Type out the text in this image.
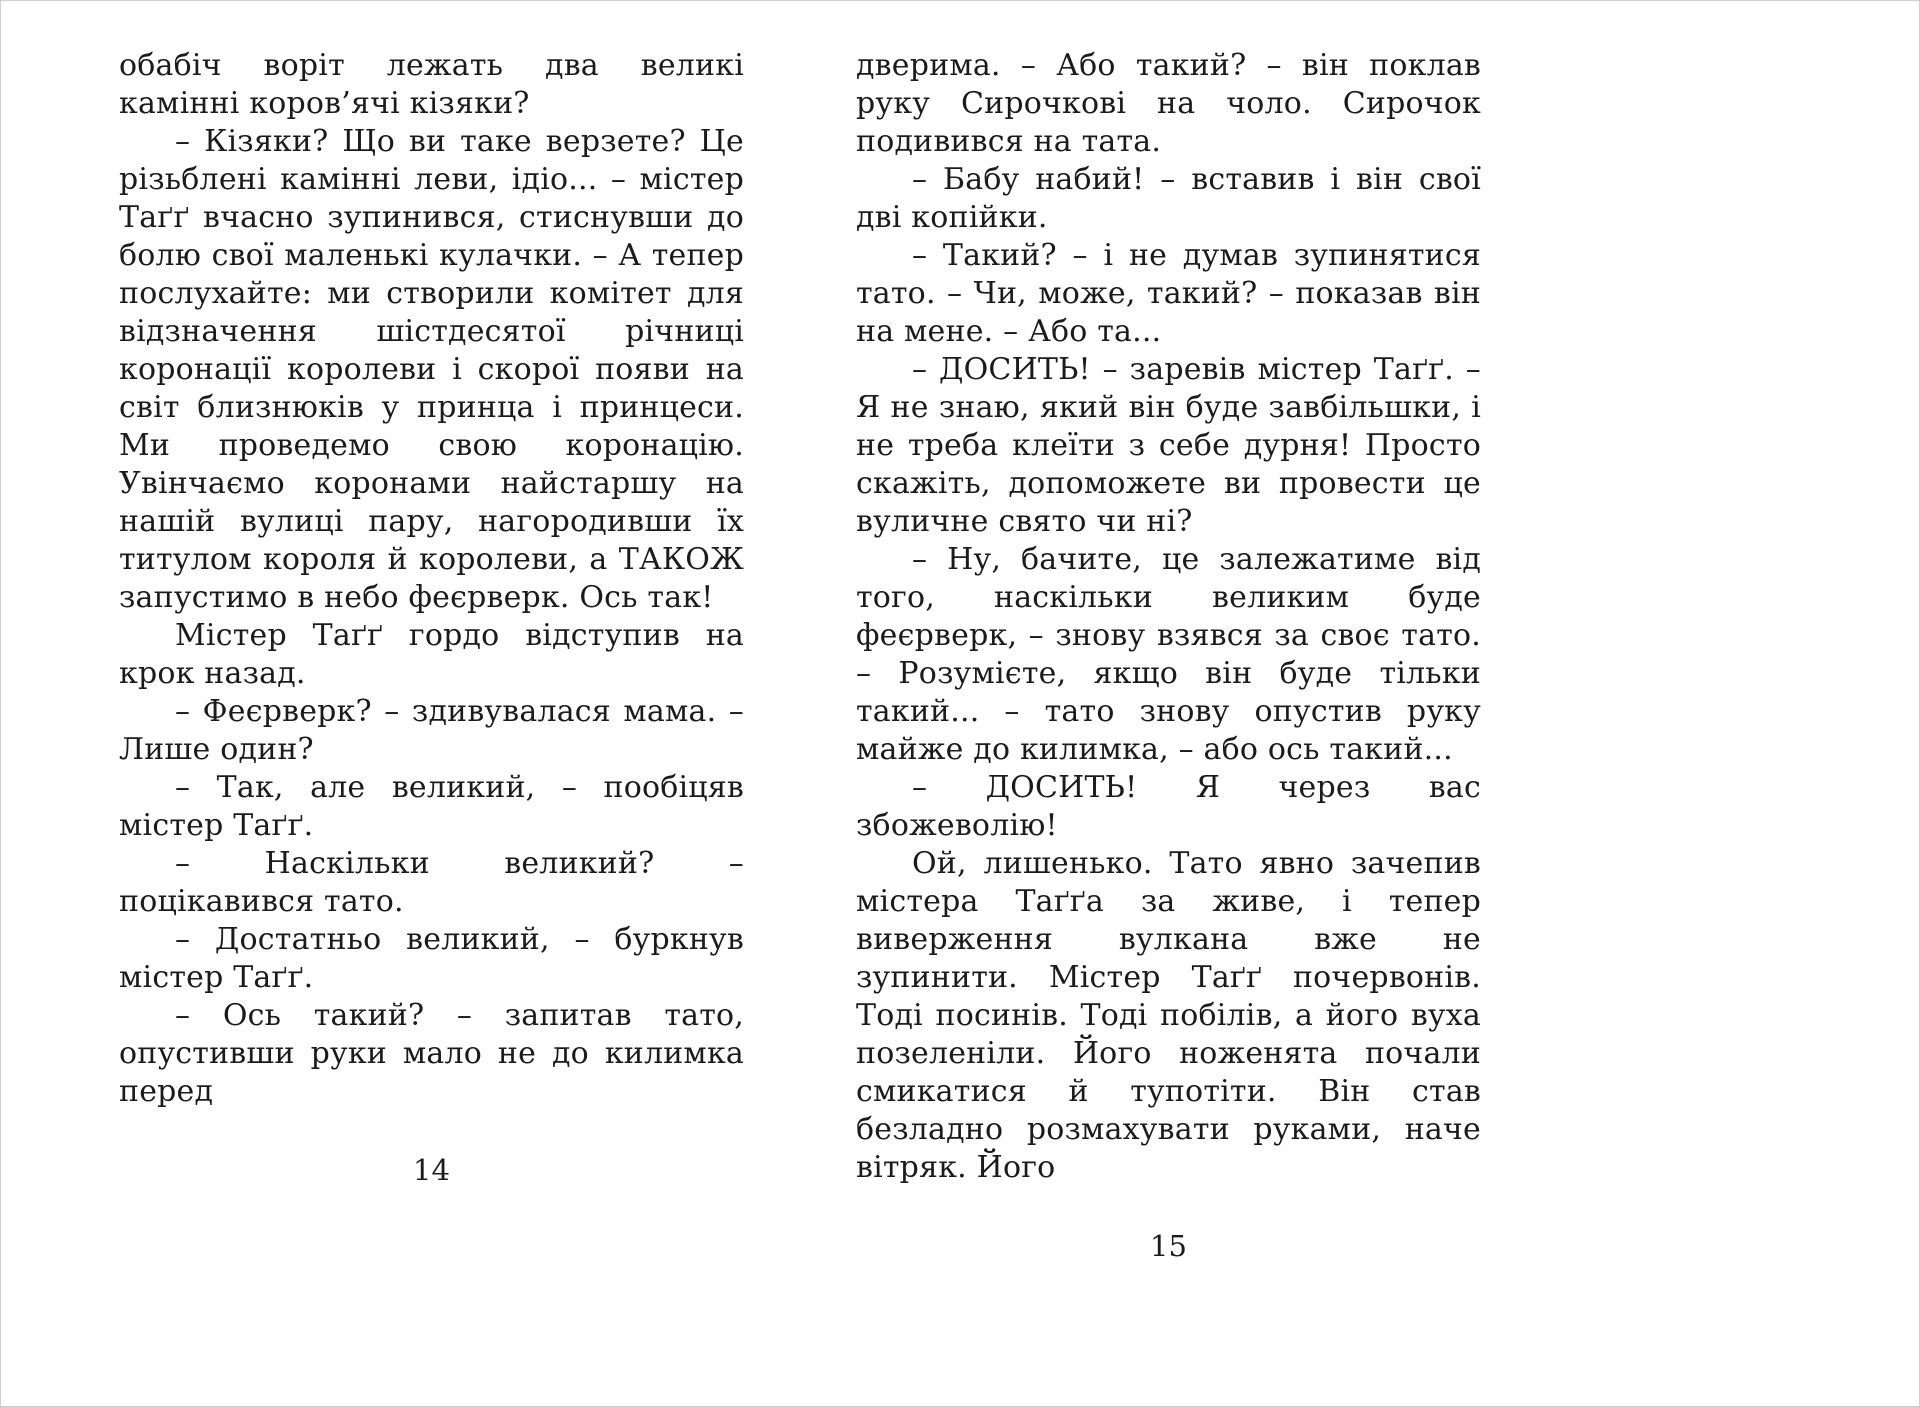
обабіч воріт лежать два великі камінні коров’ячі кізяки?

– Кізяки? Що ви таке верзете? Це різьблені камінні леви, ідіо... – містер Таґґ вчасно зупинився, стиснувши до болю свої маленькі кулачки. – А тепер послухайте: ми створили комітет для відзначення шістдесятої річниці коронації королеви і скорої появи на світ близнюків у принца і принцеси. Ми проведемо свою коронацію. Увінчаємо коронами найстаршу на нашій вулиці пару, нагородивши їх титулом короля й королеви, а ТАКОЖ запустимо в небо феєрверк. Ось так!

Містер Таґґ гордо відступив на крок назад.

– Феєрверк? – здивувалася мама. – Лише один?

– Так, але великий, – пообіцяв містер Таґґ.

– Наскільки великий? – поцікавився тато.

– Достатньо великий, – буркнув містер Таґґ.

– Ось такий? – запитав тато, опустивши руки мало не до килимка перед

14

дверима. – Або такий? – він поклав руку Сирочкові на чоло. Сирочок подивився на тата.

– Бабу набий! – вставив і він свої дві копійки.

– Такий? – і не думав зупинятися тато. – Чи, може, такий? – показав він на мене. – Або та...

– ДОСИТЬ! – заревів містер Таґґ. – Я не знаю, який він буде завбільшки, і не треба клеїти з себе дурня! Просто скажіть, допоможете ви провести це вуличне свято чи ні?

– Ну, бачите, це залежатиме від того, наскільки великим буде феєрверк, – знову взявся за своє тато. – Розумієте, якщо він буде тільки такий... – тато знову опустив руку майже до килимка, – або ось такий...

– ДОСИТЬ! Я через вас збожеволію!

Ой, лишенько. Тато явно зачепив містера Таґґа за живе, і тепер виверження вулкана вже не зупинити. Містер Таґґ почервонів. Тоді посинів. Тоді побілів, а його вуха позеленіли. Його ноженята почали смикатися й тупотіти. Він став безладно розмахувати руками, наче вітряк. Його

15
